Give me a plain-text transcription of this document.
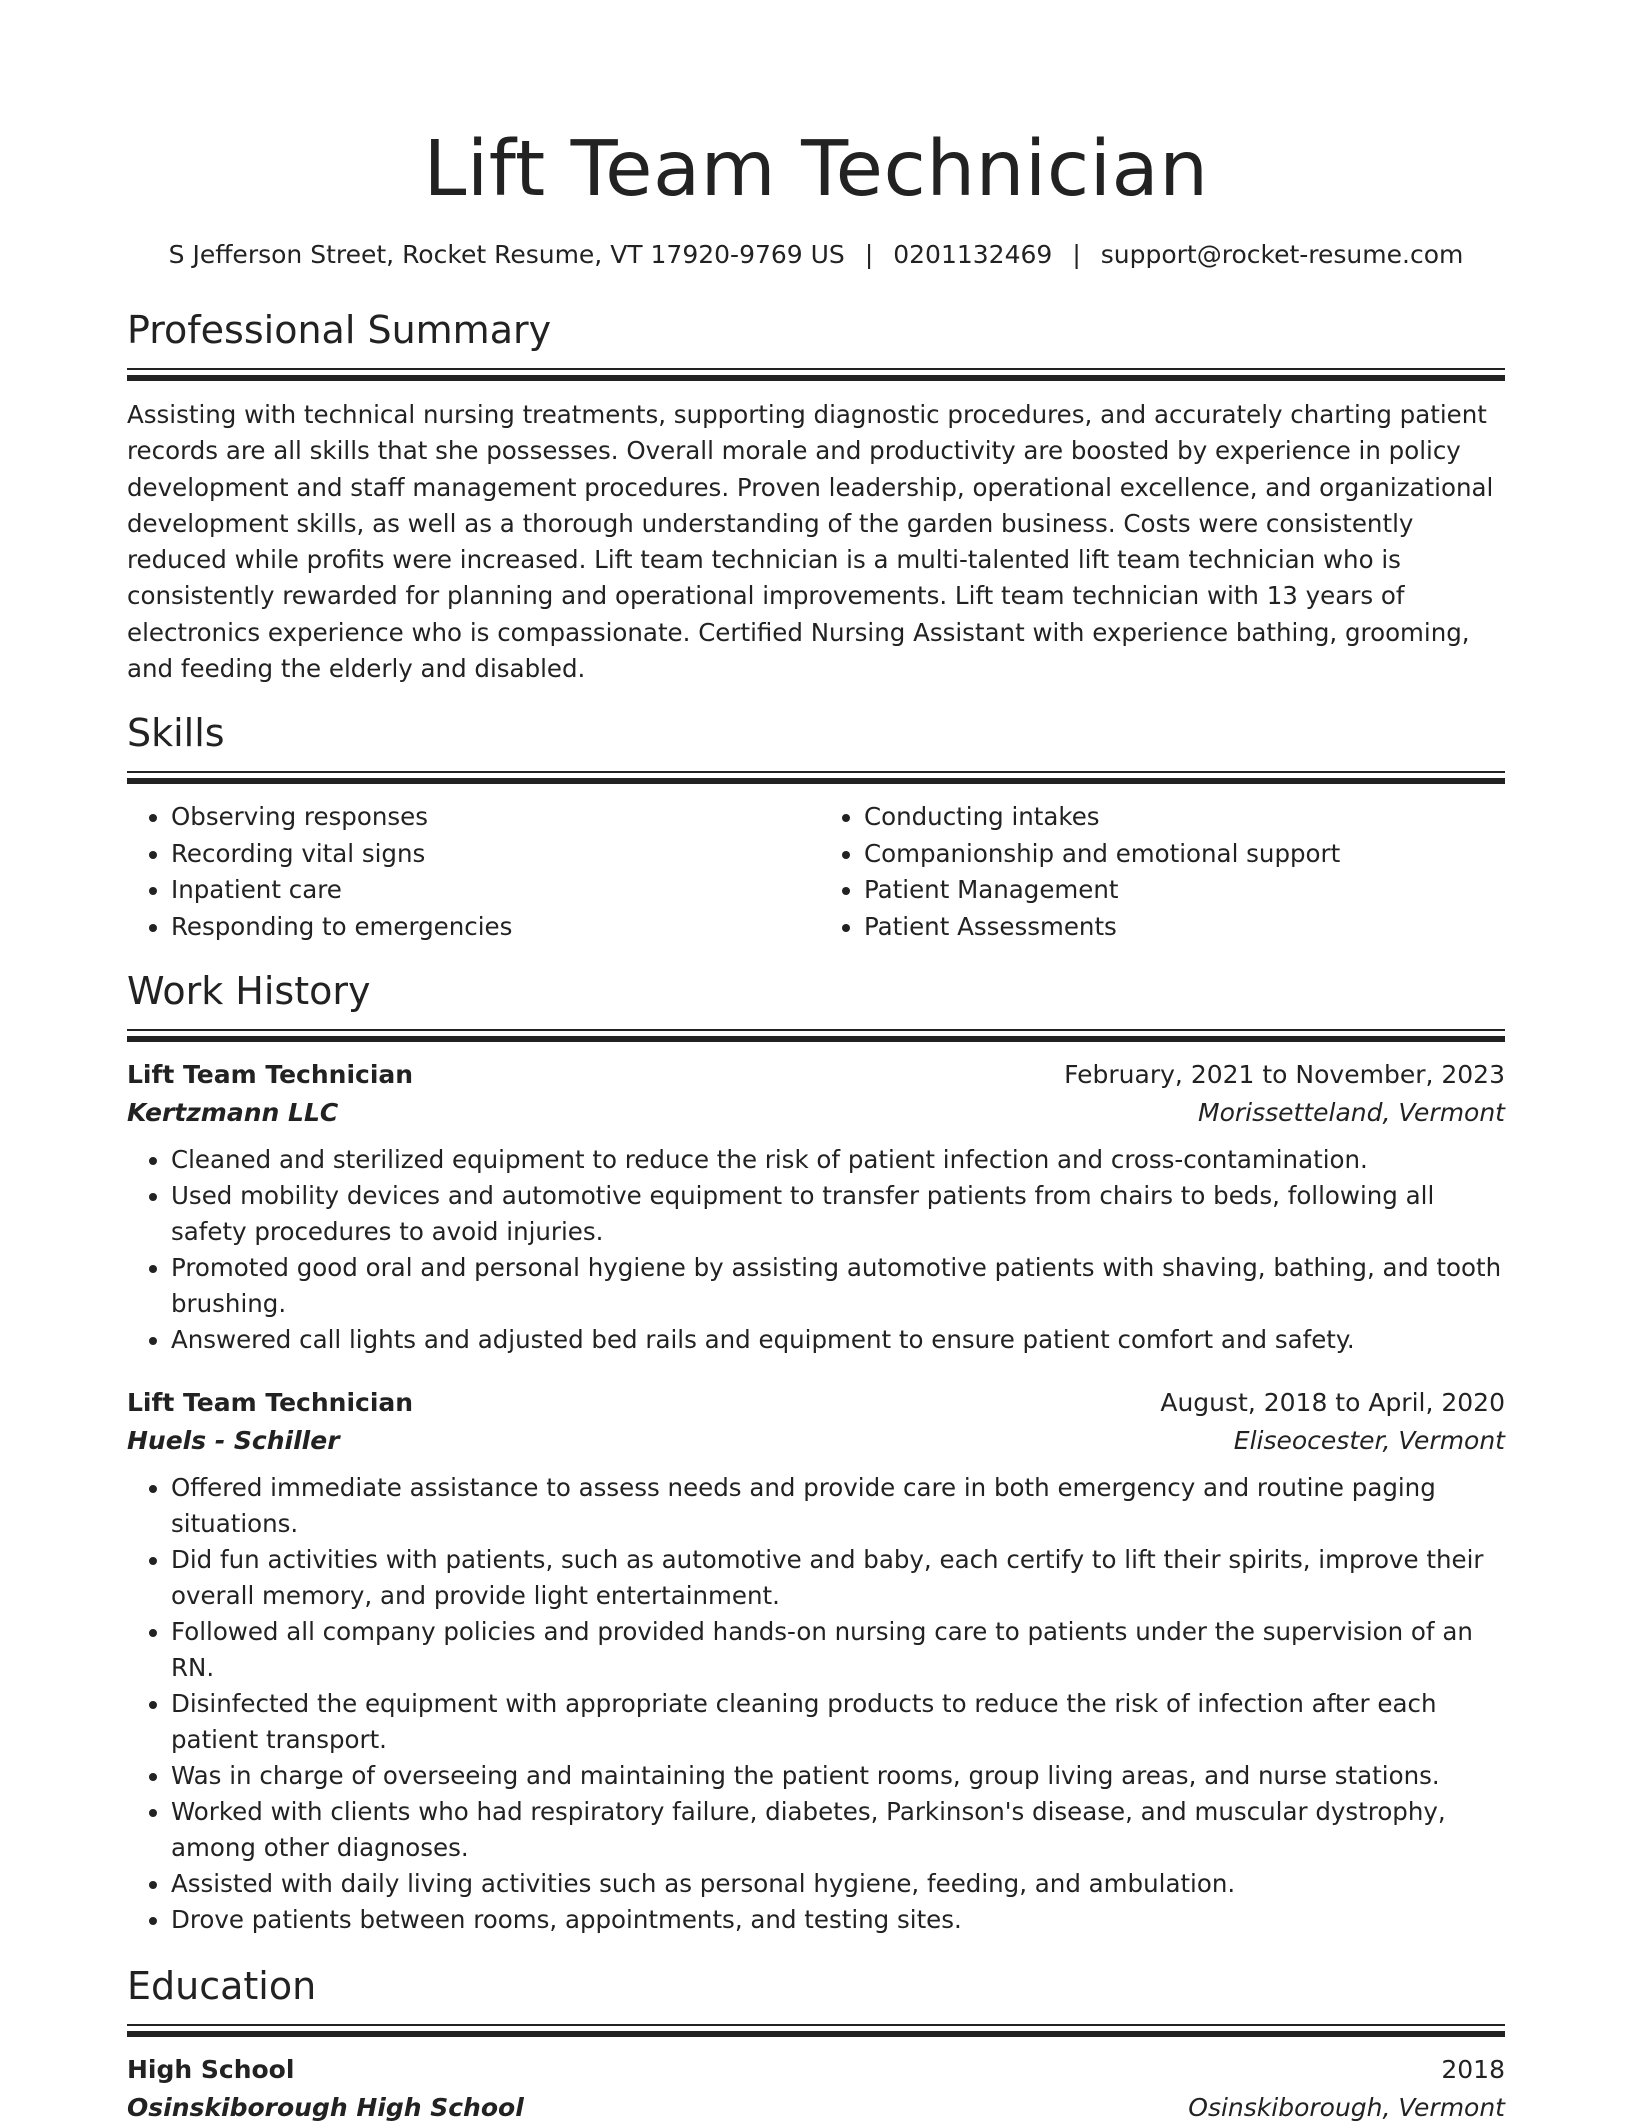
Lift Team Technician
S Jefferson Street, Rocket Resume, VT 17920-9769 US | 0201132469 | support@rocket-resume.com
Professional Summary
Assisting with technical nursing treatments, supporting diagnostic procedures, and accurately charting patient records are all skills that she possesses. Overall morale and productivity are boosted by experience in policy development and staff management procedures. Proven leadership, operational excellence, and organizational development skills, as well as a thorough understanding of the garden business. Costs were consistently reduced while profits were increased. Lift team technician is a multi-talented lift team technician who is consistently rewarded for planning and operational improvements. Lift team technician with 13 years of electronics experience who is compassionate. Certified Nursing Assistant with experience bathing, grooming, and feeding the elderly and disabled.
Skills
• Observing responses
• Recording vital signs
• Inpatient care
• Responding to emergencies
• Conducting intakes
• Companionship and emotional support
• Patient Management
• Patient Assessments
Work History
Lift Team Technician	February, 2021 to November, 2023
Kertzmann LLC	Morissetteland, Vermont
• Cleaned and sterilized equipment to reduce the risk of patient infection and cross-contamination.
• Used mobility devices and automotive equipment to transfer patients from chairs to beds, following all safety procedures to avoid injuries.
• Promoted good oral and personal hygiene by assisting automotive patients with shaving, bathing, and tooth brushing.
• Answered call lights and adjusted bed rails and equipment to ensure patient comfort and safety.
Lift Team Technician	August, 2018 to April, 2020
Huels - Schiller	Eliseocester, Vermont
• Offered immediate assistance to assess needs and provide care in both emergency and routine paging situations.
• Did fun activities with patients, such as automotive and baby, each certify to lift their spirits, improve their overall memory, and provide light entertainment.
• Followed all company policies and provided hands-on nursing care to patients under the supervision of an RN.
• Disinfected the equipment with appropriate cleaning products to reduce the risk of infection after each patient transport.
• Was in charge of overseeing and maintaining the patient rooms, group living areas, and nurse stations.
• Worked with clients who had respiratory failure, diabetes, Parkinson's disease, and muscular dystrophy, among other diagnoses.
• Assisted with daily living activities such as personal hygiene, feeding, and ambulation.
• Drove patients between rooms, appointments, and testing sites.
Education
High School	2018
Osinskiborough High School	Osinskiborough, Vermont
